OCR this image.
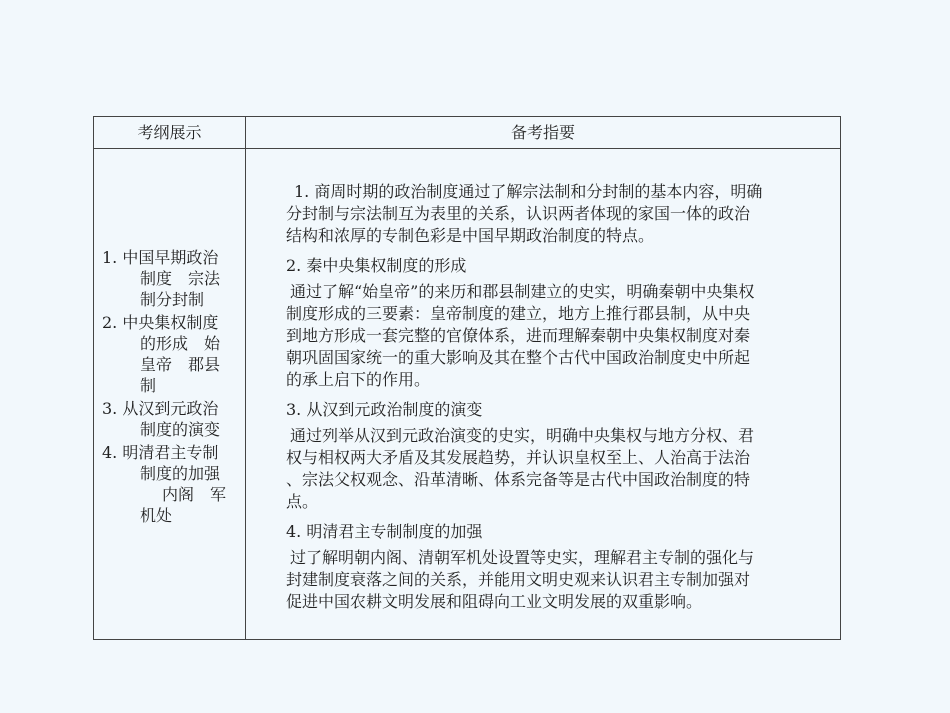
考纲展示	备考指要
1. 中国早期政治
制度　宗法
制分封制
2. 中央集权制度
的形成　始
皇帝　郡县
制
3. 从汉到元政治
制度的演变
4. 明清君主专制
制度的加强
内阁　军
机处
1. 商周时期的政治制度通过了解宗法制和分封制的基本内容，明确
分封制与宗法制互为表里的关系，认识两者体现的家国一体的政治
结构和浓厚的专制色彩是中国早期政治制度的特点。
2. 秦中央集权制度的形成
通过了解“始皇帝”的来历和郡县制建立的史实，明确秦朝中央集权
制度形成的三要素：皇帝制度的建立，地方上推行郡县制，从中央
到地方形成一套完整的官僚体系，进而理解秦朝中央集权制度对秦
朝巩固国家统一的重大影响及其在整个古代中国政治制度史中所起
的承上启下的作用。
3. 从汉到元政治制度的演变
通过列举从汉到元政治演变的史实，明确中央集权与地方分权、君
权与相权两大矛盾及其发展趋势，并认识皇权至上、人治高于法治
、宗法父权观念、沿革清晰、体系完备等是古代中国政治制度的特
点。
4. 明清君主专制制度的加强
过了解明朝内阁、清朝军机处设置等史实，理解君主专制的强化与
封建制度衰落之间的关系，并能用文明史观来认识君主专制加强对
促进中国农耕文明发展和阻碍向工业文明发展的双重影响。
